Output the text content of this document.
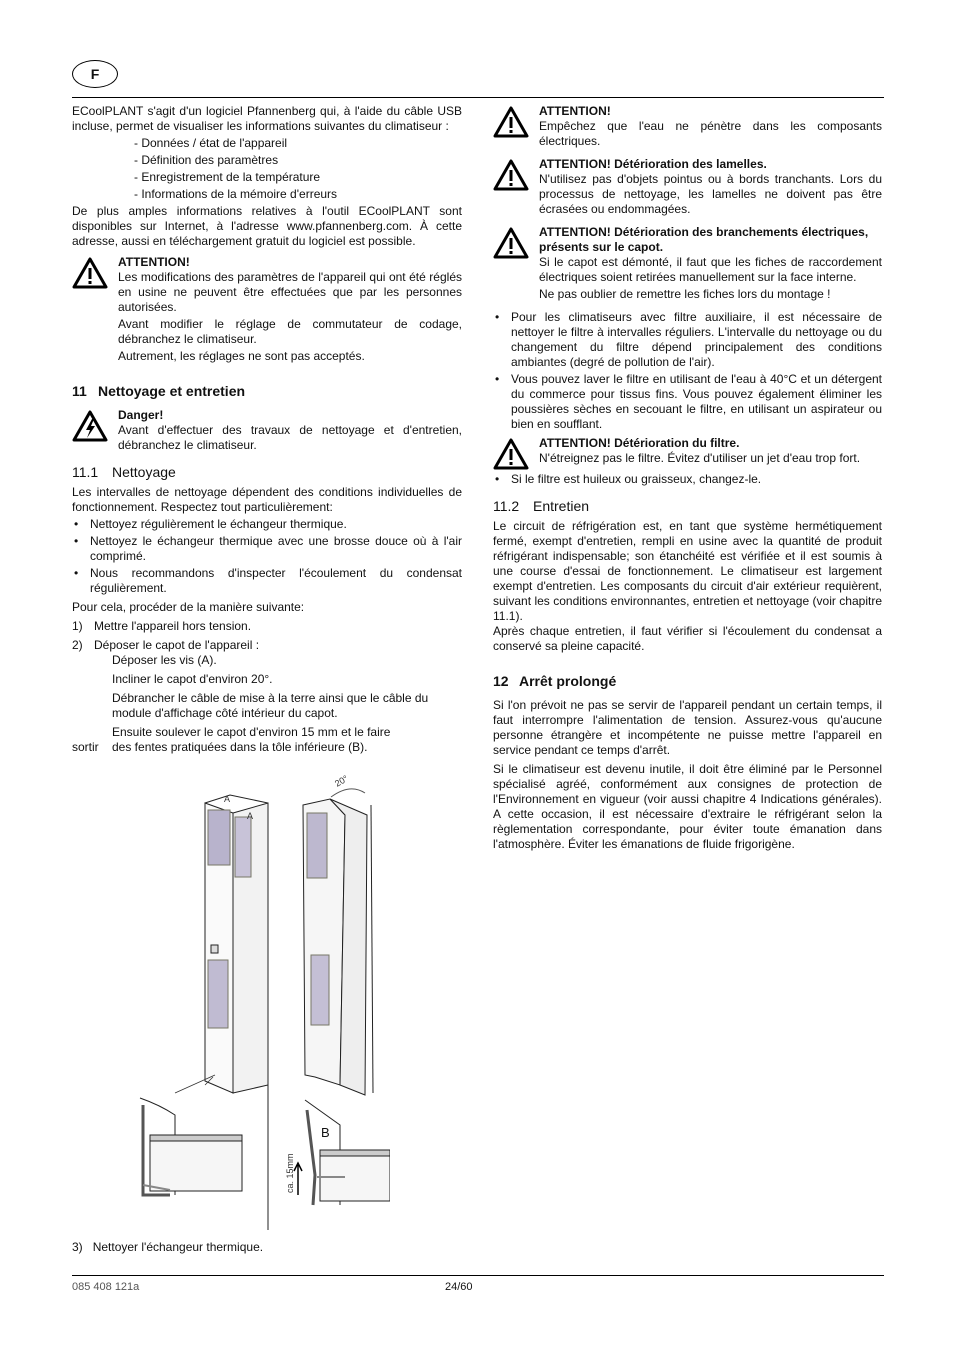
F

ECoolPLANT s'agit d'un logiciel Pfannenberg qui, à l'aide du câble USB incluse, permet de visualiser les informations suivantes du climatiseur :

- Données / état de l'appareil
- Définition des paramètres
- Enregistrement de la température
- Informations de la mémoire d'erreurs

De plus amples informations relatives à l'outil ECoolPLANT sont disponibles sur Internet, à l'adresse www.pfannenberg.com. À cette adresse, aussi en téléchargement gratuit du logiciel est possible.

ATTENTION!

Les modifications des paramètres de l'appareil qui ont été réglés en usine ne peuvent être effectuées que par les personnes autorisées.

Avant modifier le réglage de commutateur de codage, débranchez le climatiseur.

Autrement, les réglages ne sont pas acceptés.

11 Nettoyage et entretien
Danger!

Avant d'effectuer des travaux de nettoyage et d'entretien, débranchez le climatiseur.

11.1 Nettoyage

Les intervalles de nettoyage dépendent des conditions individuelles de fonctionnement. Respectez tout particulièrement:

• Nettoyez régulièrement le échangeur thermique.
• Nettoyez le échangeur thermique avec une brosse douce où à l'air comprimé.
• Nous recommandons d'inspecter l'écoulement du condensat régulièrement.

Pour cela, procéder de la manière suivante:

1) Mettre l'appareil hors tension.
2) Déposer le capot de l'appareil :
Déposer les vis (A).
Incliner le capot d'environ 20°.
Débrancher le câble de mise à la terre ainsi que le câble du module d'affichage côté intérieur du capot.
Ensuite soulever le capot d'environ 15 mm et le faire
sortir des fentes pratiquées dans la tôle inférieure (B).
A
A
20°
B
ca. 15mm
3) Nettoyer l'échangeur thermique.
ATTENTION!

Empêchez que l'eau ne pénètre dans les composants électriques.

ATTENTION! Détérioration des lamelles.

N'utilisez pas d'objets pointus ou à bords tranchants. Lors du processus de nettoyage, les lamelles ne doivent pas être écrasées ou endommagées.

ATTENTION! Détérioration des branchements électriques, présents sur le capot.

Si le capot est démonté, il faut que les fiches de raccordement électriques soient retirées manuellement sur la face interne.

Ne pas oublier de remettre les fiches lors du montage !

• Pour les climatiseurs avec filtre auxiliaire, il est nécessaire de nettoyer le filtre à intervalles réguliers. L'intervalle du nettoyage ou du changement du filtre dépend principalement des conditions ambiantes (degré de pollution de l'air).
• Vous pouvez laver le filtre en utilisant de l'eau à 40°C et un détergent du commerce pour tissus fins. Vous pouvez également éliminer les poussières sèches en secouant le filtre, en utilisant un aspirateur ou bien en soufflant.
ATTENTION! Détérioration du filtre.

N'étreignez pas le filtre. Évitez d'utiliser un jet d'eau trop fort.

• Si le filtre est huileux ou graisseux, changez-le.
11.2 Entretien

Le circuit de réfrigération est, en tant que système hermétiquement fermé, exempt d'entretien, rempli en usine avec la quantité de produit réfrigérant indispensable; son étanchéité est vérifiée et il est soumis à une course d'essai de fonctionnement. Le climatiseur est largement exempt d'entretien. Les composants du circuit d'air extérieur requièrent, suivant les conditions environnantes, entretien et nettoyage (voir chapitre 11.1).

Après chaque entretien, il faut vérifier si l'écoulement du condensat a conservé sa pleine capacité.

12 Arrêt prolongé

Si l'on prévoit ne pas se servir de l'appareil pendant un certain temps, il faut interrompre l'alimentation de tension. Assurez-vous qu'aucune personne étrangère et incompétente ne puisse mettre l'appareil en service pendant ce temps d'arrêt.

Si le climatiseur est devenu inutile, il doit être éliminé par le Personnel spécialisé agréé, conformément aux consignes de protection de l'Environnement en vigueur (voir aussi chapitre 4 Indications générales). A cette occasion, il est nécessaire d'extraire le réfrigérant selon la règlementation correspondante, pour éviter toute émanation dans l'atmosphère. Éviter les émanations de fluide frigorigène.

085 408 121a	24/60
